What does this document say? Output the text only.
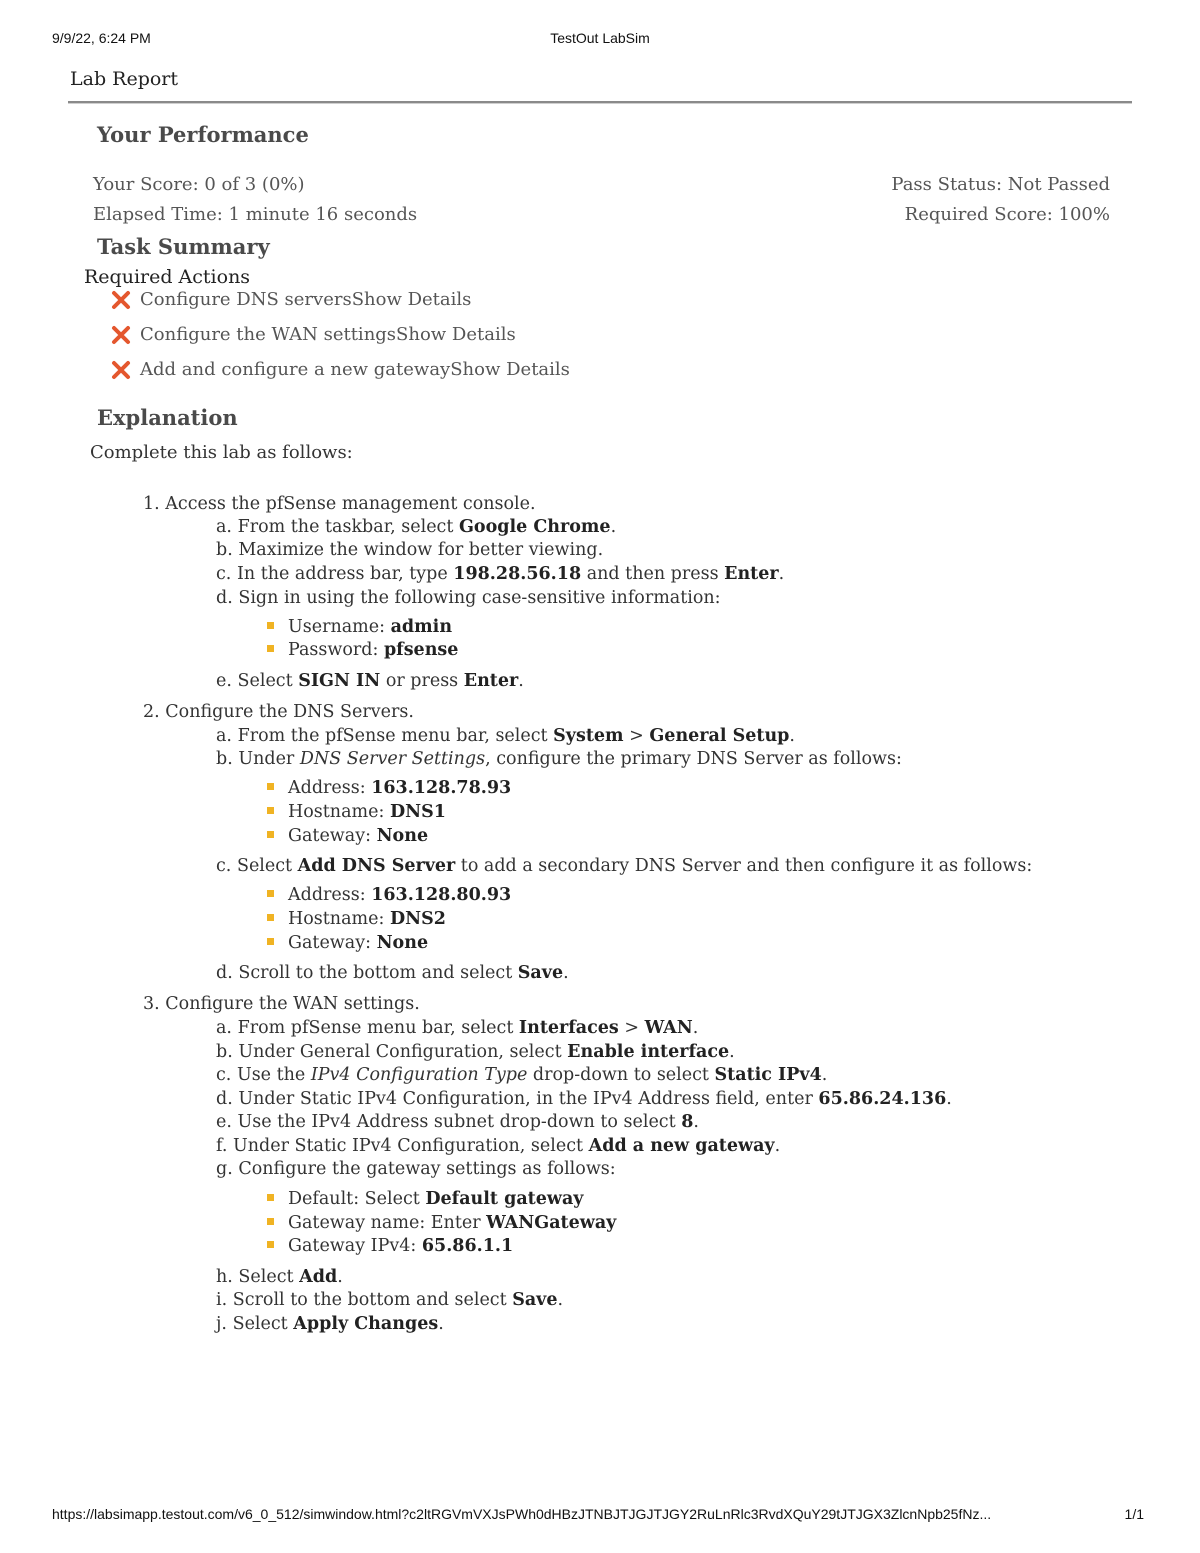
9/9/22, 6:24 PM	TestOut LabSim
Lab Report
Your Performance
Your Score: 0 of 3 (0%)
Elapsed Time: 1 minute 16 seconds
Pass Status: Not Passed
Required Score: 100%
Task Summary
Required Actions
Configure DNS serversShow Details
Configure the WAN settingsShow Details
Add and configure a new gatewayShow Details
Explanation
Complete this lab as follows:
1. Access the pfSense management console.
a. From the taskbar, select Google Chrome.
b. Maximize the window for better viewing.
c. In the address bar, type 198.28.56.18 and then press Enter.
d. Sign in using the following case-sensitive information:
Username: admin
Password: pfsense
e. Select SIGN IN or press Enter.
2. Configure the DNS Servers.
a. From the pfSense menu bar, select System > General Setup.
b. Under DNS Server Settings, configure the primary DNS Server as follows:
Address: 163.128.78.93
Hostname: DNS1
Gateway: None
c. Select Add DNS Server to add a secondary DNS Server and then configure it as follows:
Address: 163.128.80.93
Hostname: DNS2
Gateway: None
d. Scroll to the bottom and select Save.
3. Configure the WAN settings.
a. From pfSense menu bar, select Interfaces > WAN.
b. Under General Configuration, select Enable interface.
c. Use the IPv4 Configuration Type drop-down to select Static IPv4.
d. Under Static IPv4 Configuration, in the IPv4 Address field, enter 65.86.24.136.
e. Use the IPv4 Address subnet drop-down to select 8.
f. Under Static IPv4 Configuration, select Add a new gateway.
g. Configure the gateway settings as follows:
Default: Select Default gateway
Gateway name: Enter WANGateway
Gateway IPv4: 65.86.1.1
h. Select Add.
i. Scroll to the bottom and select Save.
j. Select Apply Changes.
https://labsimapp.testout.com/v6_0_512/simwindow.html?c2ltRGVmVXJsPWh0dHBzJTNBJTJGJTJGY2RuLnRlc3RvdXQuY29tJTJGX3ZlcnNpb25fNz...	1/1
